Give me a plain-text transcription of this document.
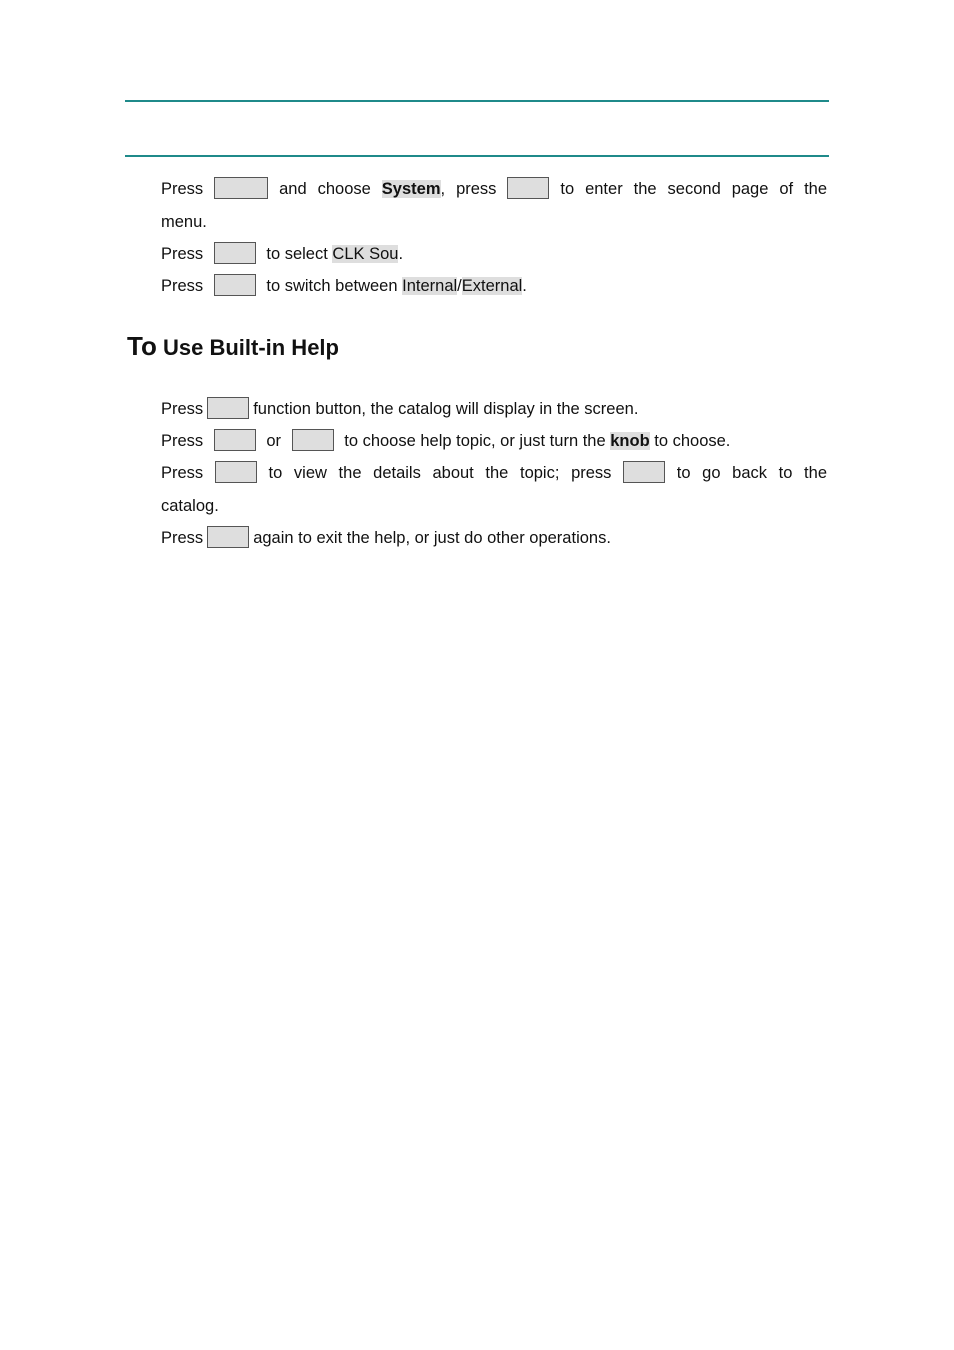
Press	and choose System, press	to enter the second page of the
menu.
Press	to select CLK Sou.
Press	to switch between Internal/External.
To Use Built-in Help
Press	function button, the catalog will display in the screen.
Press	or	to choose help topic, or just turn the knob to choose.
Press	to view the details about the topic; press	to go back to the
catalog.
Press	again to exit the help, or just do other operations.
